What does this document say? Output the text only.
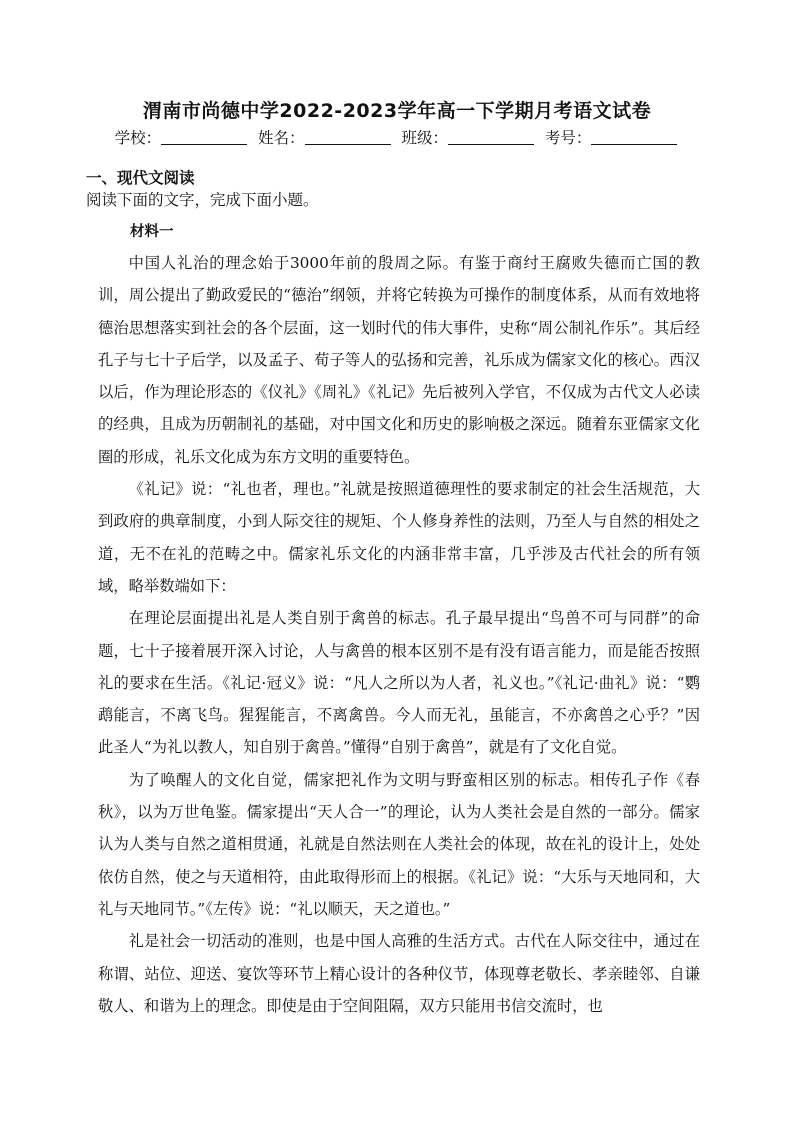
渭南市尚德中学2022-2023学年高一下学期月考语文试卷
学校：	姓名：	班级：	考号：
一、现代文阅读
阅读下面的文字，完成下面小题。
材料一

中国人礼治的理念始于3000年前的殷周之际。有鉴于商纣王腐败失德而亡国的教训，周公提出了勤政爱民的“德治”纲领，并将它转换为可操作的制度体系，从而有效地将德治思想落实到社会的各个层面，这一划时代的伟大事件，史称“周公制礼作乐”。其后经孔子与七十子后学，以及孟子、荀子等人的弘扬和完善，礼乐成为儒家文化的核心。西汉以后，作为理论形态的《仪礼》《周礼》《礼记》先后被列入学官，不仅成为古代文人必读的经典，且成为历朝制礼的基础，对中国文化和历史的影响极之深远。随着东亚儒家文化圈的形成，礼乐文化成为东方文明的重要特色。

《礼记》说：“礼也者，理也。”礼就是按照道德理性的要求制定的社会生活规范，大到政府的典章制度，小到人际交往的规矩、个人修身养性的法则，乃至人与自然的相处之道，无不在礼的范畴之中。儒家礼乐文化的内涵非常丰富，几乎涉及古代社会的所有领域，略举数端如下：

在理论层面提出礼是人类自别于禽兽的标志。孔子最早提出“鸟兽不可与同群”的命题，七十子接着展开深入讨论，人与禽兽的根本区别不是有没有语言能力，而是能否按照礼的要求在生活。《礼记·冠义》说：“凡人之所以为人者，礼义也。”《礼记·曲礼》说：“鹦鹉能言，不离飞鸟。猩猩能言，不离禽兽。今人而无礼，虽能言，不亦禽兽之心乎？”因此圣人“为礼以教人，知自别于禽兽。”懂得“自别于禽兽”，就是有了文化自觉。

为了唤醒人的文化自觉，儒家把礼作为文明与野蛮相区别的标志。相传孔子作《春秋》，以为万世龟鉴。儒家提出“天人合一”的理论，认为人类社会是自然的一部分。儒家认为人类与自然之道相贯通，礼就是自然法则在人类社会的体现，故在礼的设计上，处处依仿自然，使之与天道相符，由此取得形而上的根据。《礼记》说：“大乐与天地同和，大礼与天地同节。”《左传》说：“礼以顺天，天之道也。”

礼是社会一切活动的准则，也是中国人高雅的生活方式。古代在人际交往中，通过在称谓、站位、迎送、宴饮等环节上精心设计的各种仪节，体现尊老敬长、孝亲睦邻、自谦敬人、和谐为上的理念。即使是由于空间阻隔，双方只能用书信交流时，也
